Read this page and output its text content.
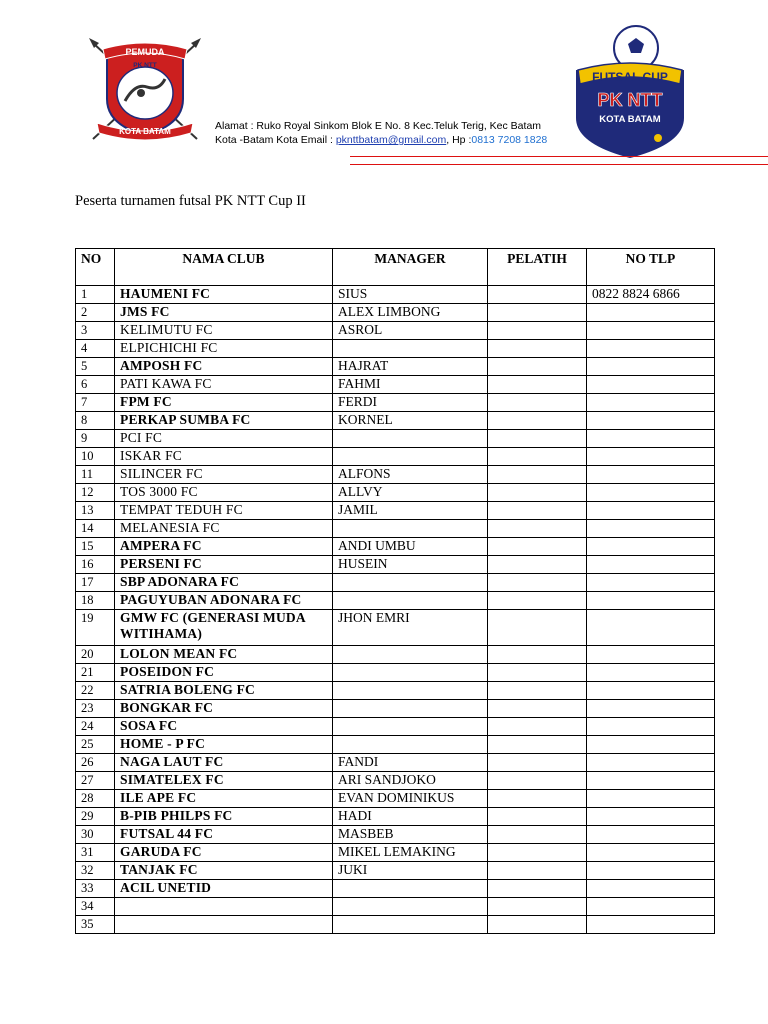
PEMUDA
PK NTT
KOTA BATAM
FUTSAL CUP
PK NTT
KOTA BATAM
Alamat : Ruko Royal Sinkom Blok E No. 8 Kec.Teluk Terig, Kec Batam
Kota -Batam Kota Email : pknttbatam@gmail.com, Hp :0813 7208 1828
Peserta turnamen futsal PK NTT Cup II
NO	NAMA CLUB	MANAGER	PELATIH	NO TLP
1	HAUMENI FC	SIUS		0822 8824 6866
2	JMS FC	ALEX LIMBONG		
3	KELIMUTU FC	ASROL		
4	ELPICHICHI FC			
5	AMPOSH FC	HAJRAT		
6	PATI KAWA FC	FAHMI		
7	FPM FC	FERDI		
8	PERKAP SUMBA FC	KORNEL		
9	PCI FC			
10	ISKAR FC			
11	SILINCER FC	ALFONS		
12	TOS 3000 FC	ALLVY		
13	TEMPAT TEDUH FC	JAMIL		
14	MELANESIA FC			
15	AMPERA FC	ANDI UMBU		
16	PERSENI FC	HUSEIN		
17	SBP ADONARA FC			
18	PAGUYUBAN ADONARA FC			
19	GMW FC (GENERASI MUDA WITIHAMA)	JHON EMRI		
20	LOLON MEAN FC			
21	POSEIDON FC			
22	SATRIA BOLENG FC			
23	BONGKAR FC			
24	SOSA FC			
25	HOME - P FC			
26	NAGA LAUT FC	FANDI		
27	SIMATELEX FC	ARI SANDJOKO		
28	ILE APE FC	EVAN DOMINIKUS		
29	B-PIB PHILPS FC	HADI		
30	FUTSAL 44 FC	MASBEB		
31	GARUDA FC	MIKEL LEMAKING		
32	TANJAK FC	JUKI		
33	ACIL UNETID			
34				
35				
